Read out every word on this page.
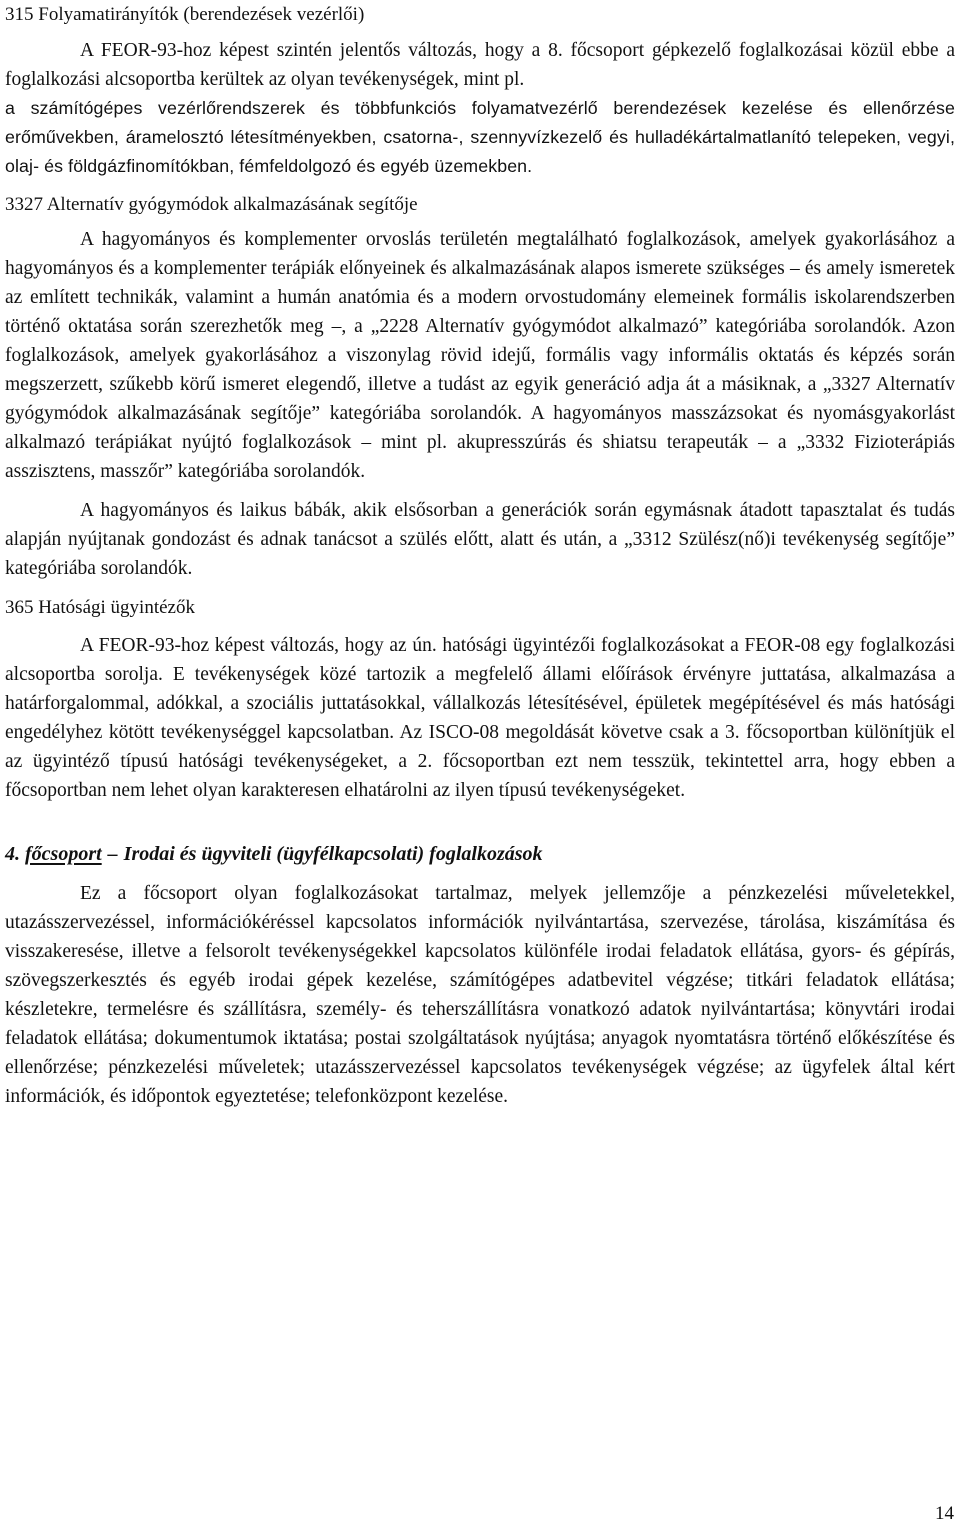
315 Folyamatirányítók (berendezések vezérlői)

A FEOR-93-hoz képest szintén jelentős változás, hogy a 8. főcsoport gépkezelő foglalkozásai közül ebbe a foglalkozási alcsoportba kerültek az olyan tevékenységek, mint pl.

a számítógépes vezérlőrendszerek és többfunkciós folyamatvezérlő berendezések kezelése és ellenőrzése erőművekben, áramelosztó létesítményekben, csatorna-, szennyvízkezelő és hulladékártalmatlanító telepeken, vegyi, olaj- és földgázfinomítókban, fémfeldolgozó és egyéb üzemekben.

3327 Alternatív gyógymódok alkalmazásának segítője

A hagyományos és komplementer orvoslás területén megtalálható foglalkozások, amelyek gyakorlásához a hagyományos és a komplementer terápiák előnyeinek és alkalmazásának alapos ismerete szükséges – és amely ismeretek az említett technikák, valamint a humán anatómia és a modern orvostudomány elemeinek formális iskolarendszerben történő oktatása során szerezhetők meg –, a „2228 Alternatív gyógymódot alkalmazó” kategóriába sorolandók. Azon foglalkozások, amelyek gyakorlásához a viszonylag rövid idejű, formális vagy informális oktatás és képzés során megszerzett, szűkebb körű ismeret elegendő, illetve a tudást az egyik generáció adja át a másiknak, a „3327 Alternatív gyógymódok alkalmazásának segítője” kategóriába sorolandók. A hagyományos masszázsokat és nyomásgyakorlást alkalmazó terápiákat nyújtó foglalkozások – mint pl. akupresszúrás és shiatsu terapeuták – a „3332 Fizioterápiás asszisztens, masszőr” kategóriába sorolandók.

A hagyományos és laikus bábák, akik elsősorban a generációk során egymásnak átadott tapasztalat és tudás alapján nyújtanak gondozást és adnak tanácsot a szülés előtt, alatt és után, a „3312 Szülész(nő)i tevékenység segítője” kategóriába sorolandók.

365 Hatósági ügyintézők

A FEOR-93-hoz képest változás, hogy az ún. hatósági ügyintézői foglalkozásokat a FEOR-08 egy foglalkozási alcsoportba sorolja. E tevékenységek közé tartozik a megfelelő állami előírások érvényre juttatása, alkalmazása a határforgalommal, adókkal, a szociális juttatásokkal, vállalkozás létesítésével, épületek megépítésével és más hatósági engedélyhez kötött tevékenységgel kapcsolatban. Az ISCO-08 megoldását követve csak a 3. főcsoportban különítjük el az ügyintéző típusú hatósági tevékenységeket, a 2. főcsoportban ezt nem tesszük, tekintettel arra, hogy ebben a főcsoportban nem lehet olyan karakteresen elhatárolni az ilyen típusú tevékenységeket.

4. főcsoport – Irodai és ügyviteli (ügyfélkapcsolati) foglalkozások

Ez a főcsoport olyan foglalkozásokat tartalmaz, melyek jellemzője a pénzkezelési műveletekkel, utazásszervezéssel, információkéréssel kapcsolatos információk nyilvántartása, szervezése, tárolása, kiszámítása és visszakeresése, illetve a felsorolt tevékenységekkel kapcsolatos különféle irodai feladatok ellátása, gyors- és gépírás, szövegszerkesztés és egyéb irodai gépek kezelése, számítógépes adatbevitel végzése; titkári feladatok ellátása; készletekre, termelésre és szállításra, személy- és teherszállításra vonatkozó adatok nyilvántartása; könyvtári irodai feladatok ellátása; dokumentumok iktatása; postai szolgáltatások nyújtása; anyagok nyomtatásra történő előkészítése és ellenőrzése; pénzkezelési műveletek; utazásszervezéssel kapcsolatos tevékenységek végzése; az ügyfelek által kért információk, és időpontok egyeztetése; telefonközpont kezelése.

14
